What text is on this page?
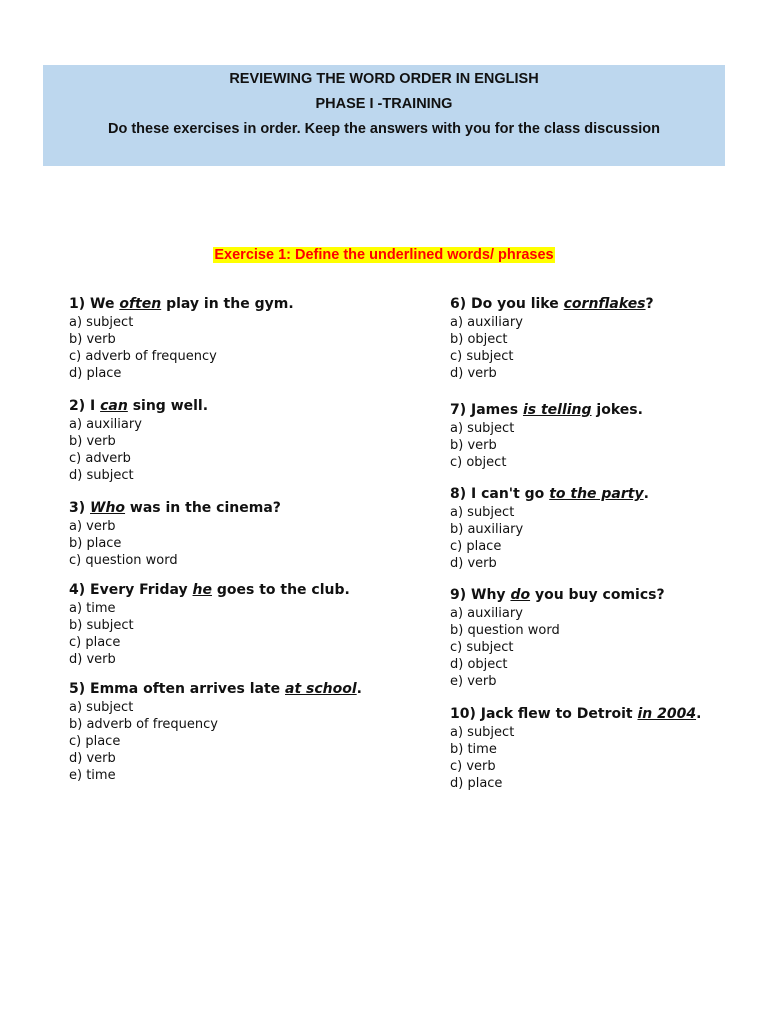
REVIEWING THE WORD ORDER IN ENGLISH
PHASE I -TRAINING
Do these exercises in order. Keep the answers with you for the class discussion
Exercise 1: Define the underlined words/ phrases
1) We often play in the gym.
a) subject
b) verb
c) adverb of frequency
d) place
2) I can sing well.
a) auxiliary
b) verb
c) adverb
d) subject
3) Who was in the cinema?
a) verb
b) place
c) question word
4) Every Friday he goes to the club.
a) time
b) subject
c) place
d) verb
5) Emma often arrives late at school.
a) subject
b) adverb of frequency
c) place
d) verb
e) time
6) Do you like cornflakes?
a) auxiliary
b) object
c) subject
d) verb
7) James is telling jokes.
a) subject
b) verb
c) object
8) I can't go to the party.
a) subject
b) auxiliary
c) place
d) verb
9) Why do you buy comics?
a) auxiliary
b) question word
c) subject
d) object
e) verb
10) Jack flew to Detroit in 2004.
a) subject
b) time
c) verb
d) place
